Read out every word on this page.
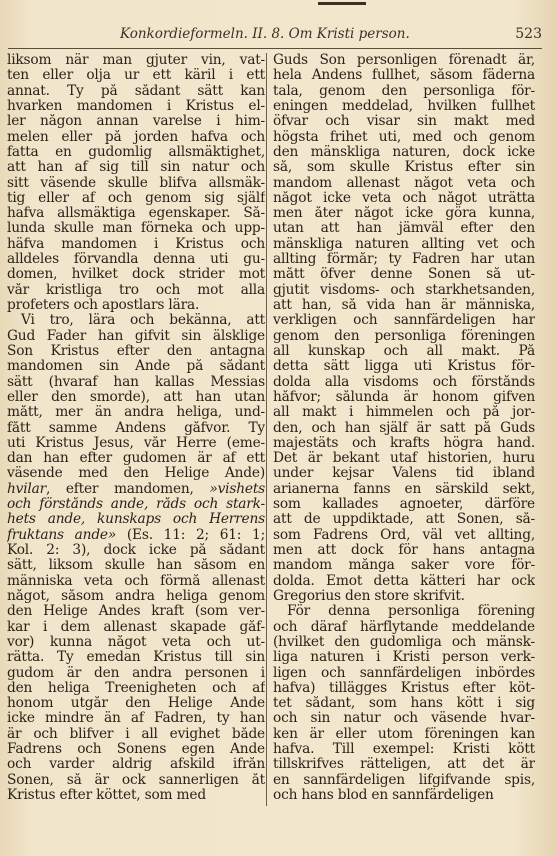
Konkordieformeln. II. 8. Om Kristi person.	523
liksom när man gjuter vin, vat-
ten eller olja ur ett käril i ett
annat. Ty på sådant sätt kan
hvarken mandomen i Kristus el-
ler någon annan varelse i him-
melen eller på jorden hafva och
fatta en gudomlig allsmäktighet,
att han af sig till sin natur och
sitt väsende skulle blifva allsmäk-
tig eller af och genom sig själf
hafva allsmäktiga egenskaper. Så-
lunda skulle man förneka och upp-
häfva mandomen i Kristus och
alldeles förvandla denna uti gu-
domen, hvilket dock strider mot
vår kristliga tro och mot alla
profeters och apostlars lära.
Vi tro, lära och bekänna, att
Gud Fader han gifvit sin älsklige
Son Kristus efter den antagna
mandomen sin Ande på sådant
sätt (hvaraf han kallas Messias
eller den smorde), att han utan
mått, mer än andra heliga, und-
fått samme Andens gåfvor. Ty
uti Kristus Jesus, vår Herre (eme-
dan han efter gudomen är af ett
väsende med den Helige Ande)
hvilar, efter mandomen, »vishets
och förstånds ande, råds och stark-
hets ande, kunskaps och Herrens
fruktans ande» (Es. 11: 2; 61: 1;
Kol. 2: 3), dock icke på sådant
sätt, liksom skulle han såsom en
människa veta och förmå allenast
något, såsom andra heliga genom
den Helige Andes kraft (som ver-
kar i dem allenast skapade gåf-
vor) kunna något veta och ut-
rätta. Ty emedan Kristus till sin
gudom är den andra personen i
den heliga Treenigheten och af
honom utgår den Helige Ande
icke mindre än af Fadren, ty han
är och blifver i all evighet både
Fadrens och Sonens egen Ande
och varder aldrig afskild ifrån
Sonen, så är ock sannerligen åt
Kristus efter köttet, som med
Guds Son personligen förenadt är,
hela Andens fullhet, såsom fäderna
tala, genom den personliga för-
eningen meddelad, hvilken fullhet
öfvar och visar sin makt med
högsta frihet uti, med och genom
den mänskliga naturen, dock icke
så, som skulle Kristus efter sin
mandom allenast något veta och
något icke veta och något uträtta
men åter något icke göra kunna,
utan att han jämväl efter den
mänskliga naturen allting vet och
allting förmår; ty Fadren har utan
mått öfver denne Sonen så ut-
gjutit visdoms- och starkhetsanden,
att han, så vida han är människa,
verkligen och sannfärdeligen har
genom den personliga föreningen
all kunskap och all makt. På
detta sätt ligga uti Kristus för-
dolda alla visdoms och förstånds
håfvor; sålunda är honom gifven
all makt i himmelen och på jor-
den, och han själf är satt på Guds
majestäts och krafts högra hand.
Det är bekant utaf historien, huru
under kejsar Valens tid ibland
arianerna fanns en särskild sekt,
som kallades agnoeter, därföre
att de uppdiktade, att Sonen, så-
som Fadrens Ord, väl vet allting,
men att dock för hans antagna
mandom många saker vore för-
dolda. Emot detta kätteri har ock
Gregorius den store skrifvit.
För denna personliga förening
och däraf härflytande meddelande
(hvilket den gudomliga och mänsk-
liga naturen i Kristi person verk-
ligen och sannfärdeligen inbördes
hafva) tillägges Kristus efter köt-
tet sådant, som hans kött i sig
och sin natur och väsende hvar-
ken är eller utom föreningen kan
hafva. Till exempel: Kristi kött
tillskrifves rätteligen, att det är
en sannfärdeligen lifgifvande spis,
och hans blod en sannfärdeligen
